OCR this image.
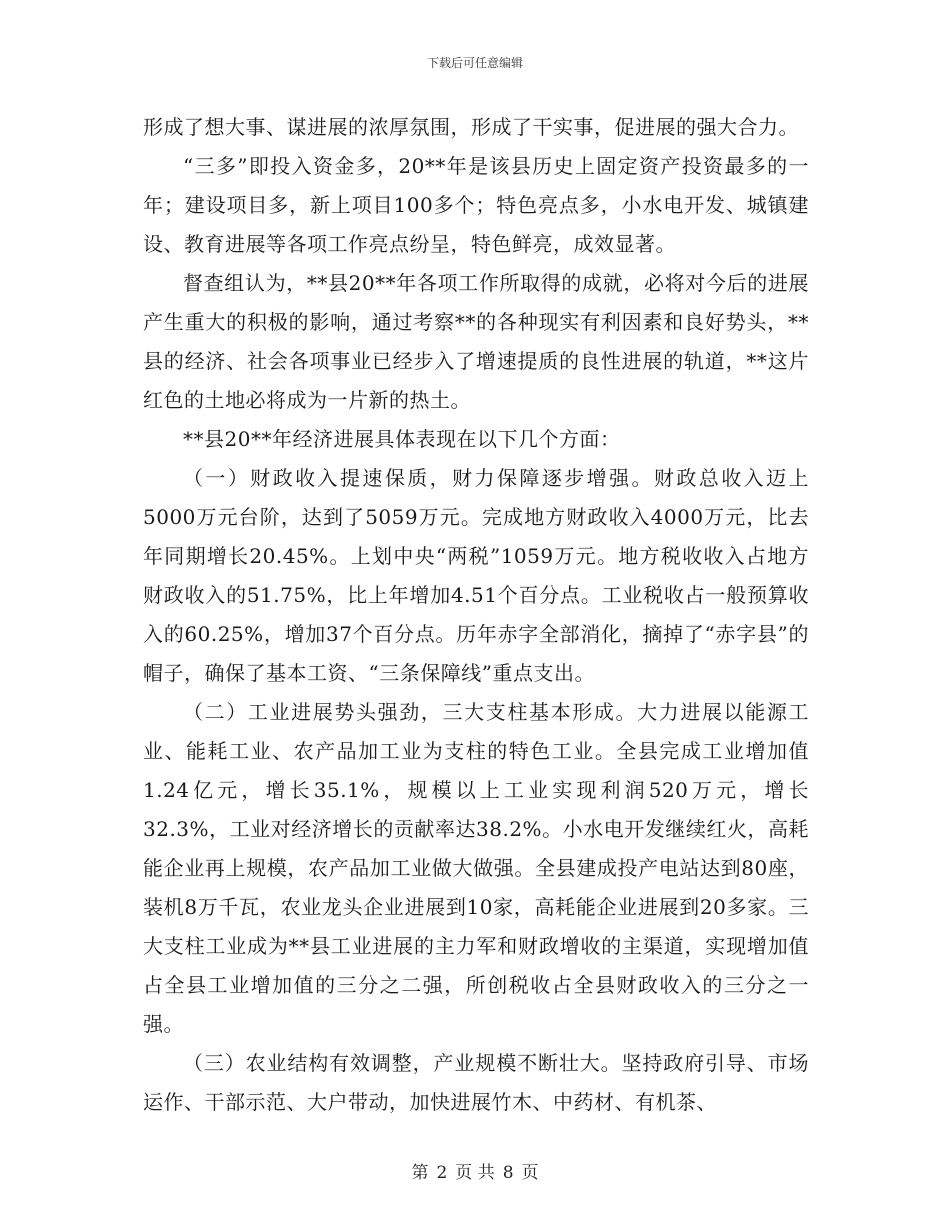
下载后可任意编辑

形成了想大事、谋进展的浓厚氛围，形成了干实事，促进展的强大合力。

“三多”即投入资金多，20**年是该县历史上固定资产投资最多的一年；建设项目多，新上项目100多个；特色亮点多，小水电开发、城镇建设、教育进展等各项工作亮点纷呈，特色鲜亮，成效显著。

督查组认为，**县20**年各项工作所取得的成就，必将对今后的进展产生重大的积极的影响，通过考察**的各种现实有利因素和良好势头，**县的经济、社会各项事业已经步入了增速提质的良性进展的轨道，**这片红色的土地必将成为一片新的热土。

**县20**年经济进展具体表现在以下几个方面：

（一）财政收入提速保质，财力保障逐步增强。财政总收入迈上5000万元台阶，达到了5059万元。完成地方财政收入4000万元，比去年同期增长20.45%。上划中央“两税”1059万元。地方税收收入占地方财政收入的51.75%，比上年增加4.51个百分点。工业税收占一般预算收入的60.25%，增加37个百分点。历年赤字全部消化，摘掉了“赤字县”的帽子，确保了基本工资、“三条保障线”重点支出。

（二）工业进展势头强劲，三大支柱基本形成。大力进展以能源工业、能耗工业、农产品加工业为支柱的特色工业。全县完成工业增加值1.24亿元，增长35.1%，规模以上工业实现利润520万元，增长32.3%，工业对经济增长的贡献率达38.2%。小水电开发继续红火，高耗能企业再上规模，农产品加工业做大做强。全县建成投产电站达到80座，装机8万千瓦，农业龙头企业进展到10家，高耗能企业进展到20多家。三大支柱工业成为**县工业进展的主力军和财政增收的主渠道，实现增加值占全县工业增加值的三分之二强，所创税收占全县财政收入的三分之一强。

（三）农业结构有效调整，产业规模不断壮大。坚持政府引导、市场运作、干部示范、大户带动，加快进展竹木、中药材、有机茶、

第 2 页 共 8 页
